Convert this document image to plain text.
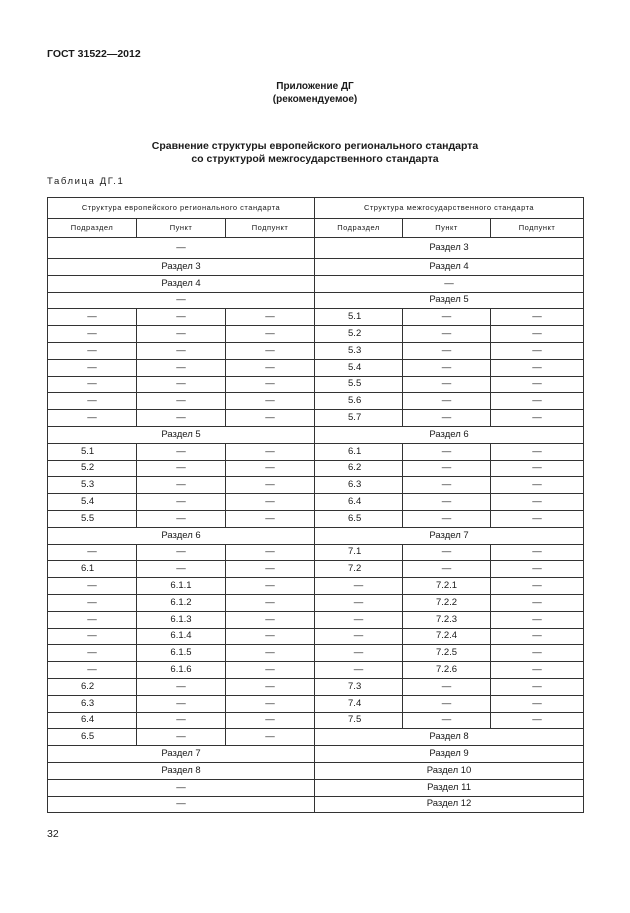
ГОСТ 31522—2012
Приложение ДГ
(рекомендуемое)
Сравнение структуры европейского регионального стандарта
со структурой межгосударственного стандарта
Таблица ДГ.1
Структура европейского регионального стандарта			Структура межгосударственного стандарта		
Подраздел	Пункт	Подпункт	Подраздел	Пункт	Подпункт
—			Раздел 3		
Раздел 3			Раздел 4		
Раздел 4			—		
—			Раздел 5		
—	—	—	5.1	—	—
—	—	—	5.2	—	—
—	—	—	5.3	—	—
—	—	—	5.4	—	—
—	—	—	5.5	—	—
—	—	—	5.6	—	—
—	—	—	5.7	—	—
Раздел 5			Раздел 6		
5.1	—	—	6.1	—	—
5.2	—	—	6.2	—	—
5.3	—	—	6.3	—	—
5.4	—	—	6.4	—	—
5.5	—	—	6.5	—	—
Раздел 6			Раздел 7		
—	—	—	7.1	—	—
6.1	—	—	7.2	—	—
—	6.1.1	—	—	7.2.1	—
—	6.1.2	—	—	7.2.2	—
—	6.1.3	—	—	7.2.3	—
—	6.1.4	—	—	7.2.4	—
—	6.1.5	—	—	7.2.5	—
—	6.1.6	—	—	7.2.6	—
6.2	—	—	7.3	—	—
6.3	—	—	7.4	—	—
6.4	—	—	7.5	—	—
6.5	—	—	Раздел 8		
Раздел 7			Раздел 9		
Раздел 8			Раздел 10		
—			Раздел 11		
—			Раздел 12		
32
